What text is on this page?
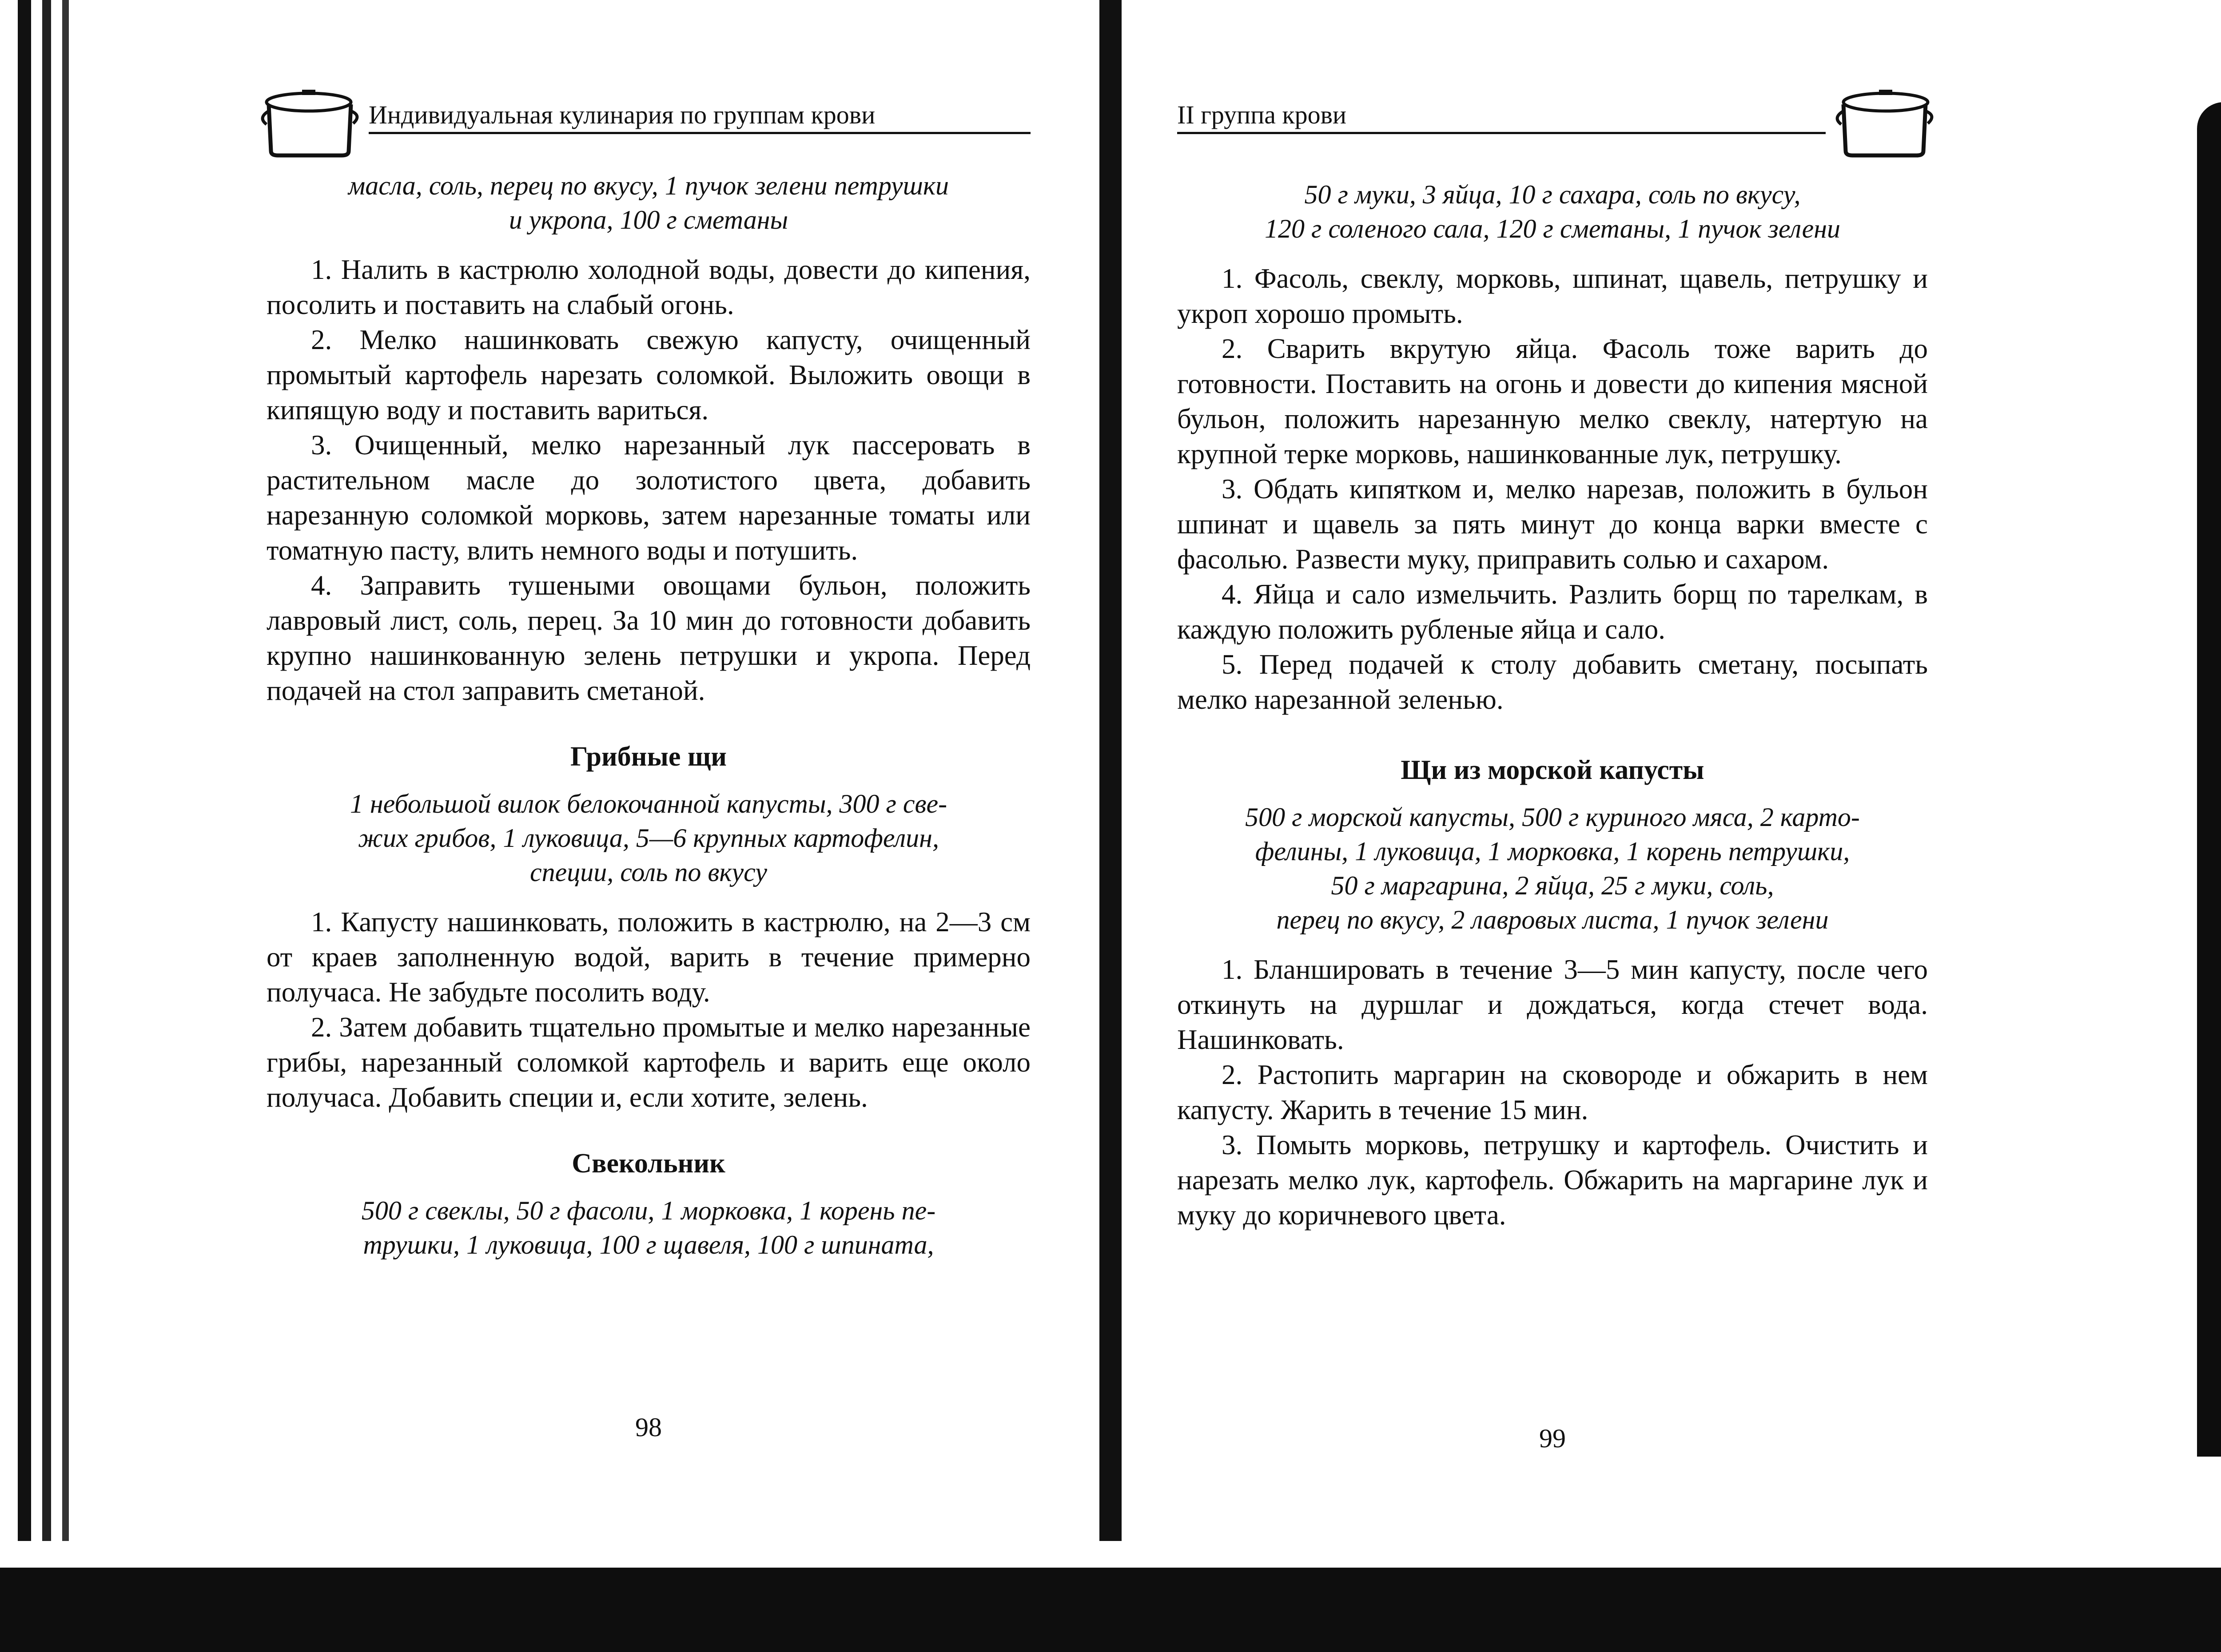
Индивидуальная кулинария по группам крови

масла, соль, перец по вкусу, 1 пучок зелени петрушки

и укропа, 100 г сметаны

1. Налить в кастрюлю холодной воды, довести до кипения, посолить и поставить на слабый огонь.

2. Мелко нашинковать свежую капусту, очищенный промытый картофель нарезать соломкой. Выложить овощи в кипящую воду и поставить вариться.

3. Очищенный, мелко нарезанный лук пассеровать в растительном масле до золотистого цвета, добавить нарезанную соломкой морковь, затем нарезанные томаты или томатную пасту, влить немного воды и потушить.

4. Заправить тушеными овощами бульон, положить лавровый лист, соль, перец. За 10 мин до готовности добавить крупно нашинкованную зелень петрушки и укропа. Перед подачей на стол заправить сметаной.

Грибные щи

1 небольшой вилок белокочанной капусты, 300 г све-

жих грибов, 1 луковица, 5—6 крупных картофелин,

специи, соль по вкусу

1. Капусту нашинковать, положить в кастрюлю, на 2—3 см от краев заполненную водой, варить в течение примерно получаса. Не забудьте посолить воду.

2. Затем добавить тщательно промытые и мелко нарезанные грибы, нарезанный соломкой картофель и варить еще около получаса. Добавить специи и, если хотите, зелень.

Свекольник

500 г свеклы, 50 г фасоли, 1 морковка, 1 корень пе-

трушки, 1 луковица, 100 г щавеля, 100 г шпината,

98
II группа крови

50 г муки, 3 яйца, 10 г сахара, соль по вкусу,

120 г соленого сала, 120 г сметаны, 1 пучок зелени

1. Фасоль, свеклу, морковь, шпинат, щавель, петрушку и укроп хорошо промыть.

2. Сварить вкрутую яйца. Фасоль тоже варить до готовности. Поставить на огонь и довести до кипения мясной бульон, положить нарезанную мелко свеклу, натертую на крупной терке морковь, нашинкованные лук, петрушку.

3. Обдать кипятком и, мелко нарезав, положить в бульон шпинат и щавель за пять минут до конца варки вместе с фасолью. Развести муку, приправить солью и сахаром.

4. Яйца и сало измельчить. Разлить борщ по тарелкам, в каждую положить рубленые яйца и сало.

5. Перед подачей к столу добавить сметану, посыпать мелко нарезанной зеленью.

Щи из морской капусты

500 г морской капусты, 500 г куриного мяса, 2 карто-

фелины, 1 луковица, 1 морковка, 1 корень петрушки,

50 г маргарина, 2 яйца, 25 г муки, соль,

перец по вкусу, 2 лавровых листа, 1 пучок зелени

1. Бланшировать в течение 3—5 мин капусту, после чего откинуть на дуршлаг и дождаться, когда стечет вода. Нашинковать.

2. Растопить маргарин на сковороде и обжарить в нем капусту. Жарить в течение 15 мин.

3. Помыть морковь, петрушку и картофель. Очистить и нарезать мелко лук, картофель. Обжарить на маргарине лук и муку до коричневого цвета.

99
